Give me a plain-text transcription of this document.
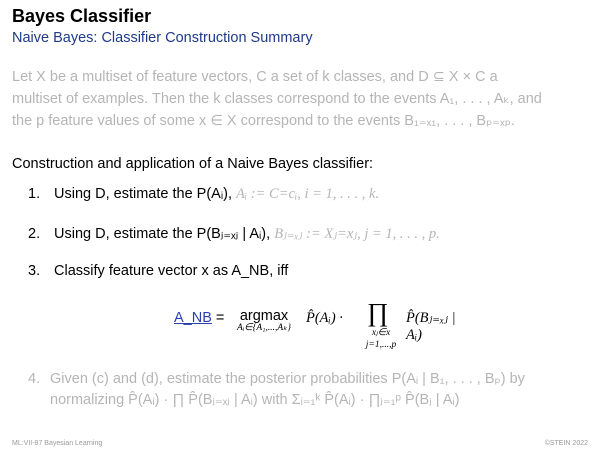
Bayes Classifier
Naive Bayes: Classifier Construction Summary
Let X be a multiset of feature vectors, C a set of k classes, and D ⊆ X × C a
multiset of examples. Then the k classes correspond to the events A₁, . . . , Aₖ, and
the p feature values of some x ∈ X correspond to the events B₁₌ₓ₁, . . . , Bₚ₌ₓₚ.
Construction and application of a Naive Bayes classifier:
1. Using D, estimate the P(Aᵢ), Aᵢ := C=cᵢ, i = 1, . . . , k.
2. Using D, estimate the P(Bⱼ₌ₓⱼ | Aᵢ), Bⱼ₌ₓⱼ := Xⱼ=xⱼ, j = 1, . . . , p.
3. Classify feature vector x as A_NB, iff
A_NB =	argmax
Aᵢ∈{A₁,...,Aₖ}
P̂(Aᵢ) · ∏
xⱼ∈x
j=1,...,p
P̂(Bⱼ₌ₓⱼ | Aᵢ)
4. Given (c) and (d), estimate the posterior probabilities P(Aᵢ | B₁, . . . , Bₚ) by
normalizing P̂(Aᵢ) · ∏ P̂(Bⱼ₌ₓⱼ | Aᵢ) with Σᵢ₌₁ᵏ P̂(Aᵢ) · ∏ⱼ₌₁ᵖ P̂(Bⱼ | Aᵢ)
ML:VII-87 Bayesian Learning	©STEIN 2022
